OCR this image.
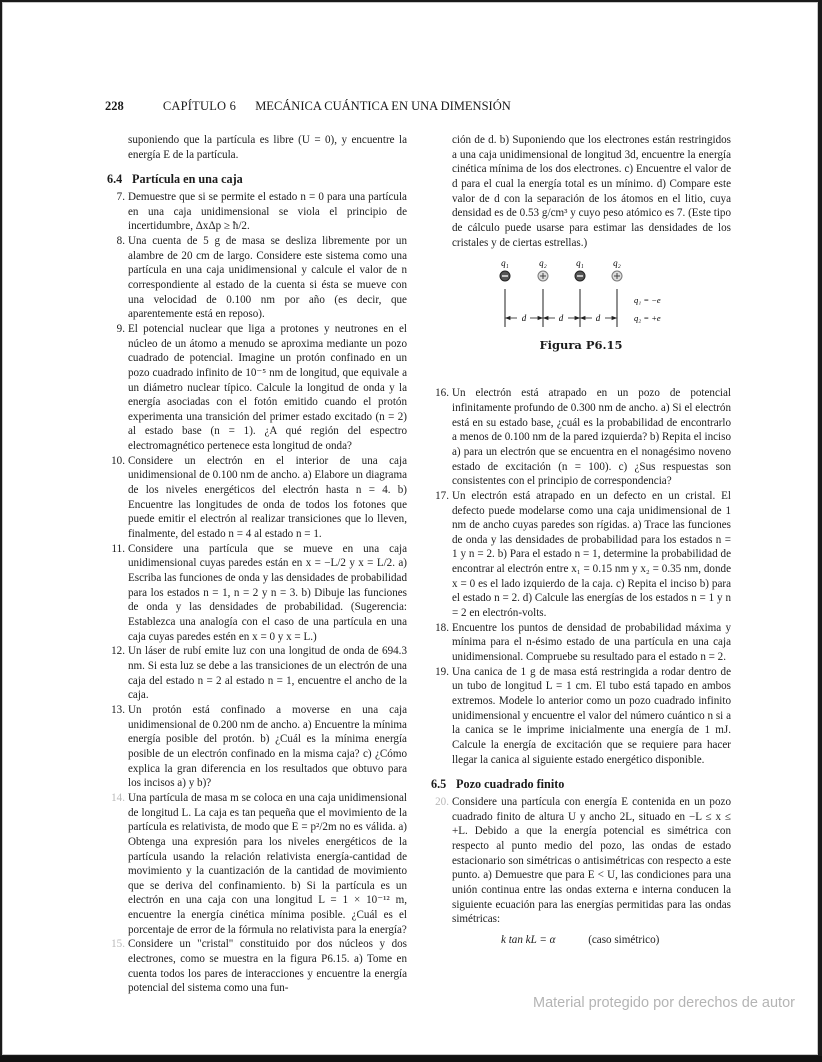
228	CAPÍTULO 6 MECÁNICA CUÁNTICA EN UNA DIMENSIÓN

suponiendo que la partícula es libre (U = 0), y encuentre la energía E de la partícula.

6.4 Partícula en una caja
7. Demuestre que si se permite el estado n = 0 para una partícula en una caja unidimensional se viola el principio de incertidumbre, ΔxΔp ≥ ħ/2.
8. Una cuenta de 5 g de masa se desliza libremente por un alambre de 20 cm de largo. Considere este sistema como una partícula en una caja unidimensional y calcule el valor de n correspondiente al estado de la cuenta si ésta se mueve con una velocidad de 0.100 nm por año (es decir, que aparentemente está en reposo).
9. El potencial nuclear que liga a protones y neutrones en el núcleo de un átomo a menudo se aproxima mediante un pozo cuadrado de potencial. Imagine un protón confinado en un pozo cuadrado infinito de 10⁻⁵ nm de longitud, que equivale a un diámetro nuclear típico. Calcule la longitud de onda y la energía asociadas con el fotón emitido cuando el protón experimenta una transición del primer estado excitado (n = 2) al estado base (n = 1). ¿A qué región del espectro electromagnético pertenece esta longitud de onda?
10. Considere un electrón en el interior de una caja unidimensional de 0.100 nm de ancho. a) Elabore un diagrama de los niveles energéticos del electrón hasta n = 4. b) Encuentre las longitudes de onda de todos los fotones que puede emitir el electrón al realizar transiciones que lo lleven, finalmente, del estado n = 4 al estado n = 1.
11. Considere una partícula que se mueve en una caja unidimensional cuyas paredes están en x = −L/2 y x = L/2. a) Escriba las funciones de onda y las densidades de probabilidad para los estados n = 1, n = 2 y n = 3. b) Dibuje las funciones de onda y las densidades de probabilidad. (Sugerencia: Establezca una analogía con el caso de una partícula en una caja cuyas paredes estén en x = 0 y x = L.)
12. Un láser de rubí emite luz con una longitud de onda de 694.3 nm. Si esta luz se debe a las transiciones de un electrón de una caja del estado n = 2 al estado n = 1, encuentre el ancho de la caja.
13. Un protón está confinado a moverse en una caja unidimensional de 0.200 nm de ancho. a) Encuentre la mínima energía posible del protón. b) ¿Cuál es la mínima energía posible de un electrón confinado en la misma caja? c) ¿Cómo explica la gran diferencia en los resultados que obtuvo para los incisos a) y b)?
14. Una partícula de masa m se coloca en una caja unidimensional de longitud L. La caja es tan pequeña que el movimiento de la partícula es relativista, de modo que E = p²/2m no es válida. a) Obtenga una expresión para los niveles energéticos de la partícula usando la relación relativista energía-cantidad de movimiento y la cuantización de la cantidad de movimiento que se deriva del confinamiento. b) Si la partícula es un electrón en una caja con una longitud L = 1 × 10⁻¹² m, encuentre la energía cinética mínima posible. ¿Cuál es el porcentaje de error de la fórmula no relativista para la energía?
15. Considere un "cristal" constituido por dos núcleos y dos electrones, como se muestra en la figura P6.15. a) Tome en cuenta todos los pares de interacciones y encuentre la energía potencial del sistema como una fun-

ción de d. b) Suponiendo que los electrones están restringidos a una caja unidimensional de longitud 3d, encuentre la energía cinética mínima de los dos electrones. c) Encuentre el valor de d para el cual la energía total es un mínimo. d) Compare este valor de d con la separación de los átomos en el litio, cuya densidad es de 0.53 g/cm³ y cuyo peso atómico es 7. (Este tipo de cálculo puede usarse para estimar las densidades de los cristales y de ciertas estrellas.)

q₁	q₂	q₁	q₂
d	d	d
q₁ = −e
q₂ = +e
Figura P6.15
16. Un electrón está atrapado en un pozo de potencial infinitamente profundo de 0.300 nm de ancho. a) Si el electrón está en su estado base, ¿cuál es la probabilidad de encontrarlo a menos de 0.100 nm de la pared izquierda? b) Repita el inciso a) para un electrón que se encuentra en el nonagésimo noveno estado de excitación (n = 100). c) ¿Sus respuestas son consistentes con el principio de correspondencia?
17. Un electrón está atrapado en un defecto en un cristal. El defecto puede modelarse como una caja unidimensional de 1 nm de ancho cuyas paredes son rígidas. a) Trace las funciones de onda y las densidades de probabilidad para los estados n = 1 y n = 2. b) Para el estado n = 1, determine la probabilidad de encontrar al electrón entre x₁ = 0.15 nm y x₂ = 0.35 nm, donde x = 0 es el lado izquierdo de la caja. c) Repita el inciso b) para el estado n = 2. d) Calcule las energías de los estados n = 1 y n = 2 en electrón-volts.
18. Encuentre los puntos de densidad de probabilidad máxima y mínima para el n-ésimo estado de una partícula en una caja unidimensional. Compruebe su resultado para el estado n = 2.
19. Una canica de 1 g de masa está restringida a rodar dentro de un tubo de longitud L = 1 cm. El tubo está tapado en ambos extremos. Modele lo anterior como un pozo cuadrado infinito unidimensional y encuentre el valor del número cuántico n si a la canica se le imprime inicialmente una energía de 1 mJ. Calcule la energía de excitación que se requiere para hacer llegar la canica al siguiente estado energético disponible.
6.5 Pozo cuadrado finito
20. Considere una partícula con energía E contenida en un pozo cuadrado finito de altura U y ancho 2L, situado en −L ≤ x ≤ +L. Debido a que la energía potencial es simétrica con respecto al punto medio del pozo, las ondas de estado estacionario son simétricas o antisimétricas con respecto a este punto. a) Demuestre que para E < U, las condiciones para una unión continua entre las ondas externa e interna conducen la siguiente ecuación para las energías permitidas para las ondas simétricas:
k tan kL = α	(caso simétrico)
Material protegido por derechos de autor
